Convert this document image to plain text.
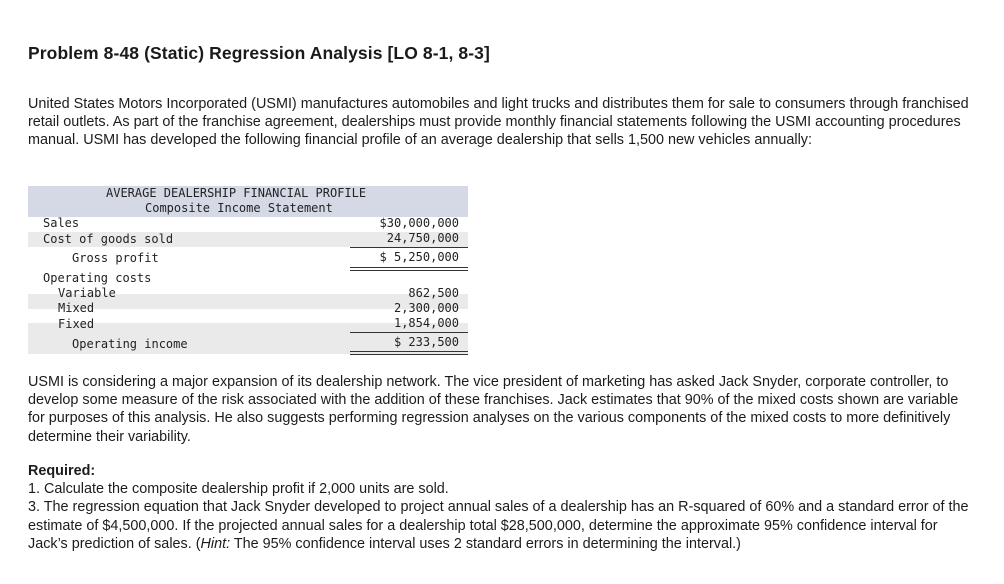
Problem 8-48 (Static) Regression Analysis [LO 8-1, 8-3]

United States Motors Incorporated (USMI) manufactures automobiles and light trucks and distributes them for sale to consumers through franchised retail outlets. As part of the franchise agreement, dealerships must provide monthly financial statements following the USMI accounting procedures manual. USMI has developed the following financial profile of an average dealership that sells 1,500 new vehicles annually:

AVERAGE DEALERSHIP FINANCIAL PROFILE
Composite Income Statement
Sales	$30,000,000
Cost of goods sold	24,750,000
Gross profit	$ 5,250,000
Operating costs
Variable	862,500
Mixed	2,300,000
Fixed	1,854,000
Operating income	$ 233,500

USMI is considering a major expansion of its dealership network. The vice president of marketing has asked Jack Snyder, corporate controller, to develop some measure of the risk associated with the addition of these franchises. Jack estimates that 90% of the mixed costs shown are variable for purposes of this analysis. He also suggests performing regression analyses on the various components of the mixed costs to more definitively determine their variability.

Required:
1. Calculate the composite dealership profit if 2,000 units are sold.
3. The regression equation that Jack Snyder developed to project annual sales of a dealership has an R-squared of 60% and a standard error of the estimate of $4,500,000. If the projected annual sales for a dealership total $28,500,000, determine the approximate 95% confidence interval for Jack’s prediction of sales. (Hint: The 95% confidence interval uses 2 standard errors in determining the interval.)
